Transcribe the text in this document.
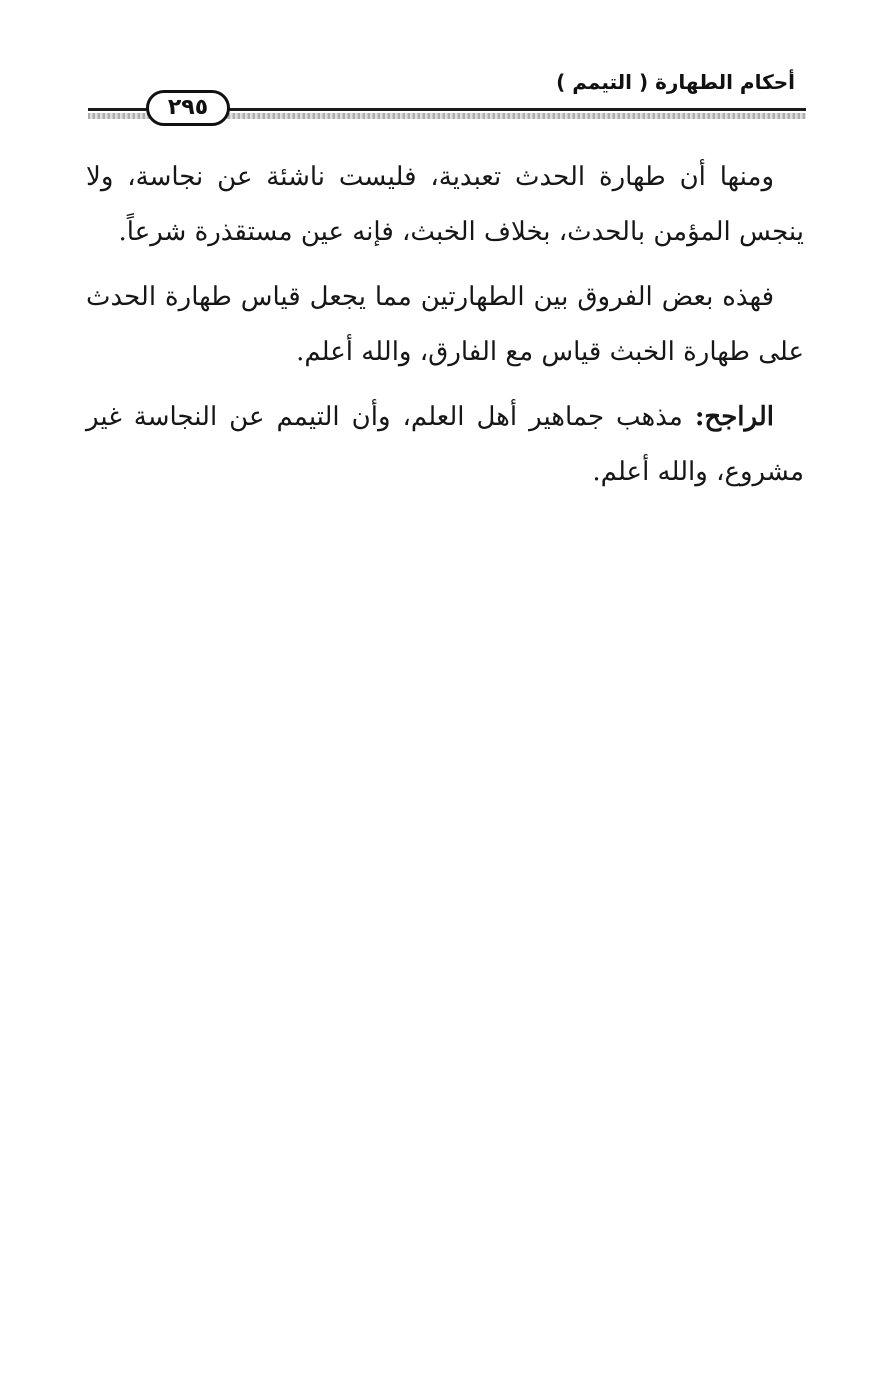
أحكام الطهارة ( التيمم )
٢٩٥

ومنها أن طهارة الحدث تعبدية، فليست ناشئة عن نجاسة، ولا ينجس المؤمن بالحدث، بخلاف الخبث، فإنه عين مستقذرة شرعاً.

فهذه بعض الفروق بين الطهارتين مما يجعل قياس طهارة الحدث على طهارة الخبث قياس مع الفارق، والله أعلم.

الراجح: مذهب جماهير أهل العلم، وأن التيمم عن النجاسة غير مشروع، والله أعلم.
